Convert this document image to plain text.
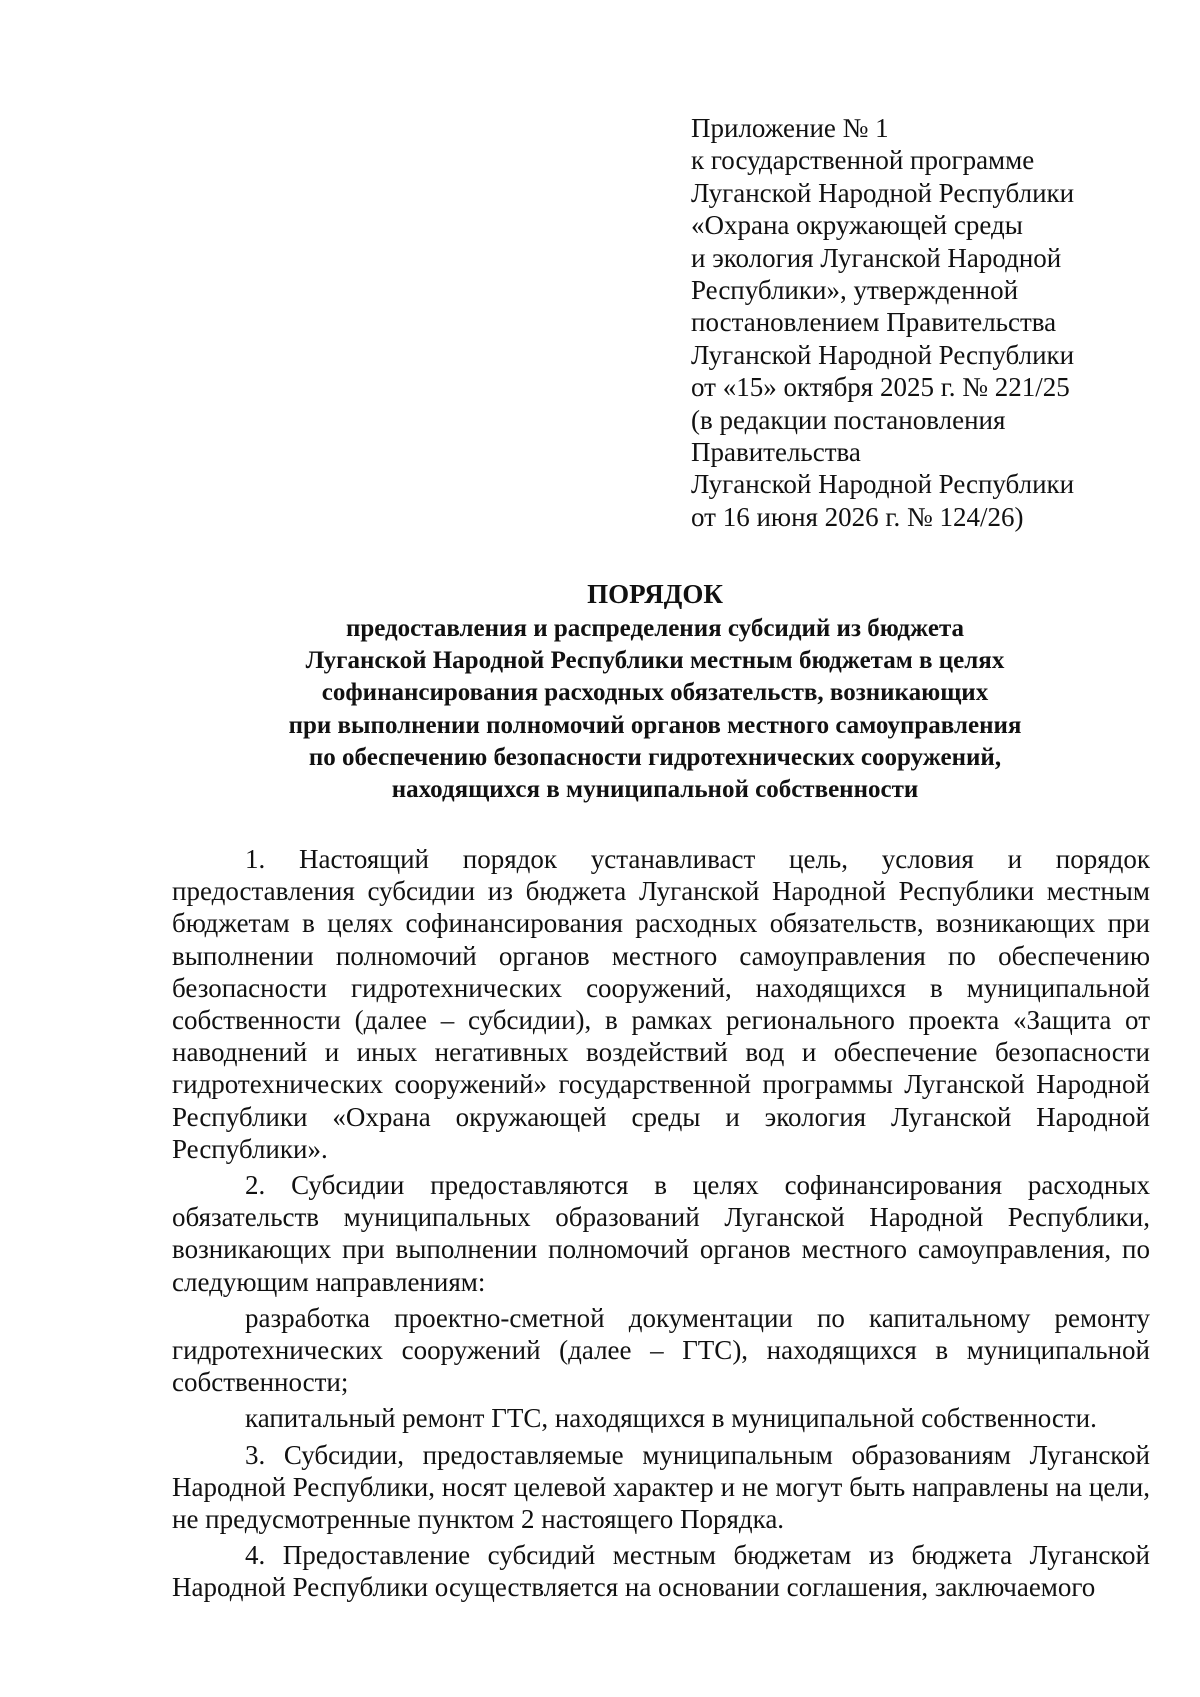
Приложение № 1
к государственной программе
Луганской Народной Республики
«Охрана окружающей среды
и экология Луганской Народной
Республики», утвержденной
постановлением Правительства
Луганской Народной Республики
от «15» октября 2025 г. № 221/25
(в редакции постановления
Правительства
Луганской Народной Республики
от 16 июня 2026 г. № 124/26)
ПОРЯДОК
предоставления и распределения субсидий из бюджета
Луганской Народной Республики местным бюджетам в целях
софинансирования расходных обязательств, возникающих
при выполнении полномочий органов местного самоуправления
по обеспечению безопасности гидротехнических сооружений,
находящихся в муниципальной собственности

1. Настоящий порядок устанавливаст цель, условия и порядок предоставления субсидии из бюджета Луганской Народной Республики местным бюджетам в целях софинансирования расходных обязательств, возникающих при выполнении полномочий органов местного самоуправления по обеспечению безопасности гидротехнических сооружений, находящихся в муниципальной собственности (далее – субсидии), в рамках регионального проекта «Защита от наводнений и иных негативных воздействий вод и обеспечение безопасности гидротехнических сооружений» государственной программы Луганской Народной Республики «Охрана окружающей среды и экология Луганской Народной Республики».

2. Субсидии предоставляются в целях софинансирования расходных обязательств муниципальных образований Луганской Народной Республики, возникающих при выполнении полномочий органов местного самоуправления, по следующим направлениям:

разработка проектно-сметной документации по капитальному ремонту гидротехнических сооружений (далее – ГТС), находящихся в муниципальной собственности;

капитальный ремонт ГТС, находящихся в муниципальной собственности.

3. Субсидии, предоставляемые муниципальным образованиям Луганской Народной Республики, носят целевой характер и не могут быть направлены на цели, не предусмотренные пунктом 2 настоящего Порядка.

4. Предоставление субсидий местным бюджетам из бюджета Луганской Народной Республики осуществляется на основании соглашения, заключаемого
